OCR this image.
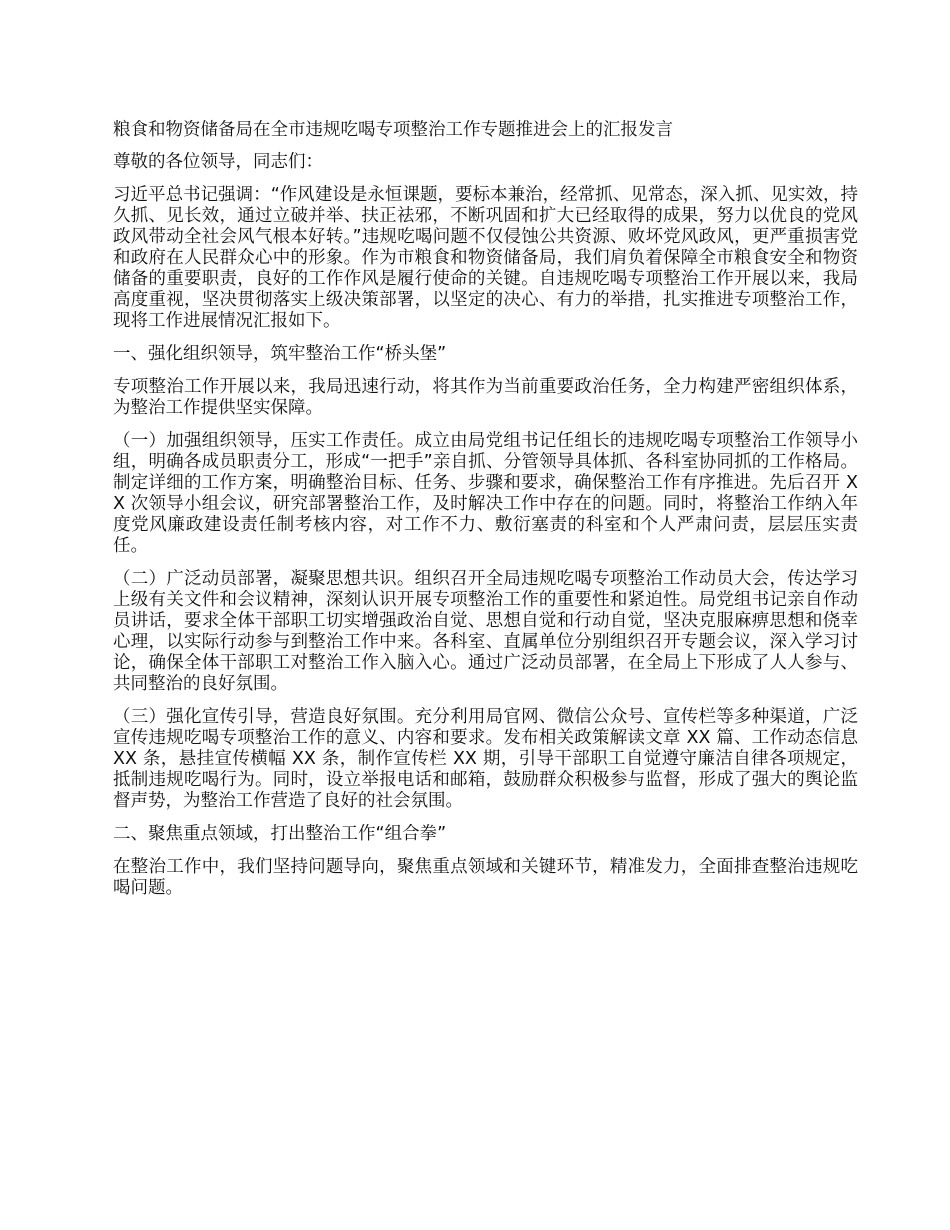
粮食和物资储备局在全市违规吃喝专项整治工作专题推进会上的汇报发言

尊敬的各位领导，同志们：

习近平总书记强调：“作风建设是永恒课题，要标本兼治，经常抓、见常态，深入抓、见实效，持久抓、见长效，通过立破并举、扶正祛邪，不断巩固和扩大已经取得的成果，努力以优良的党风政风带动全社会风气根本好转。”违规吃喝问题不仅侵蚀公共资源、败坏党风政风，更严重损害党和政府在人民群众心中的形象。作为市粮食和物资储备局，我们肩负着保障全市粮食安全和物资储备的重要职责，良好的工作作风是履行使命的关键。自违规吃喝专项整治工作开展以来，我局高度重视，坚决贯彻落实上级决策部署，以坚定的决心、有力的举措，扎实推进专项整治工作，现将工作进展情况汇报如下。

一、强化组织领导，筑牢整治工作“桥头堡”

专项整治工作开展以来，我局迅速行动，将其作为当前重要政治任务，全力构建严密组织体系，为整治工作提供坚实保障。

（一）加强组织领导，压实工作责任。成立由局党组书记任组长的违规吃喝专项整治工作领导小组，明确各成员职责分工，形成“一把手”亲自抓、分管领导具体抓、各科室协同抓的工作格局。制定详细的工作方案，明确整治目标、任务、步骤和要求，确保整治工作有序推进。先后召开 XX 次领导小组会议，研究部署整治工作，及时解决工作中存在的问题。同时，将整治工作纳入年度党风廉政建设责任制考核内容，对工作不力、敷衍塞责的科室和个人严肃问责，层层压实责任。

（二）广泛动员部署，凝聚思想共识。组织召开全局违规吃喝专项整治工作动员大会，传达学习上级有关文件和会议精神，深刻认识开展专项整治工作的重要性和紧迫性。局党组书记亲自作动员讲话，要求全体干部职工切实增强政治自觉、思想自觉和行动自觉，坚决克服麻痹思想和侥幸心理，以实际行动参与到整治工作中来。各科室、直属单位分别组织召开专题会议，深入学习讨论，确保全体干部职工对整治工作入脑入心。通过广泛动员部署，在全局上下形成了人人参与、共同整治的良好氛围。

（三）强化宣传引导，营造良好氛围。充分利用局官网、微信公众号、宣传栏等多种渠道，广泛宣传违规吃喝专项整治工作的意义、内容和要求。发布相关政策解读文章 XX 篇、工作动态信息 XX 条，悬挂宣传横幅 XX 条，制作宣传栏 XX 期，引导干部职工自觉遵守廉洁自律各项规定，抵制违规吃喝行为。同时，设立举报电话和邮箱，鼓励群众积极参与监督，形成了强大的舆论监督声势，为整治工作营造了良好的社会氛围。

二、聚焦重点领域，打出整治工作“组合拳”

在整治工作中，我们坚持问题导向，聚焦重点领域和关键环节，精准发力，全面排查整治违规吃喝问题。
